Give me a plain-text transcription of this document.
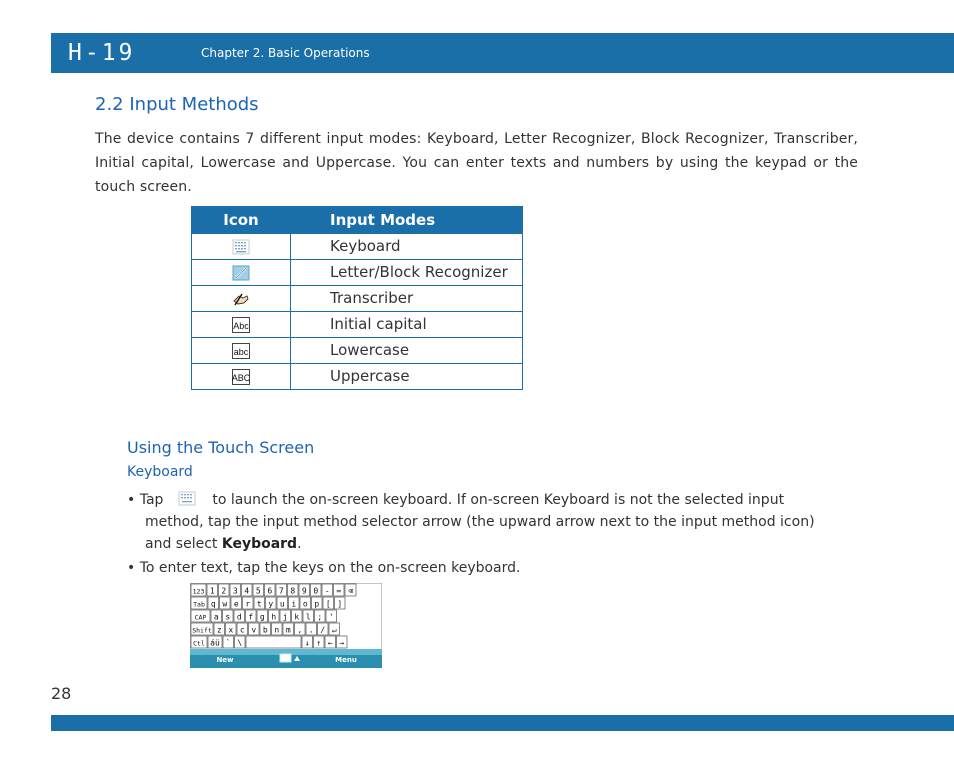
H-19	Chapter 2. Basic Operations
2.2 Input Methods
The device contains 7 different input modes: Keyboard, Letter Recognizer, Block Recognizer, Transcriber, Initial capital, Lowercase and Uppercase. You can enter texts and numbers by using the keypad or the touch screen.
Icon	Input Modes
	Keyboard
	Letter/Block Recognizer
	Transcriber

Abc	Initial capital

abc	Lowercase

ABC	Uppercase
Using the Touch Screen
Keyboard
• Tap	to launch the on-screen keyboard. If on-screen Keyboard is not the selected input
method, tap the input method selector arrow (the upward arrow next to the input method icon)
and select Keyboard.
• To enter text, tap the keys on the on-screen keyboard.
123 1 2 3 4 5 6 7 8 9 0 - = ⌫
Tab q w e r t y u i o p [ ]
CAP a s d f g h j k l ; '
Shift z x c v b n m , . / ↵
Ctl áü ` \	↓ ↑ ← →
New	Menu
28
